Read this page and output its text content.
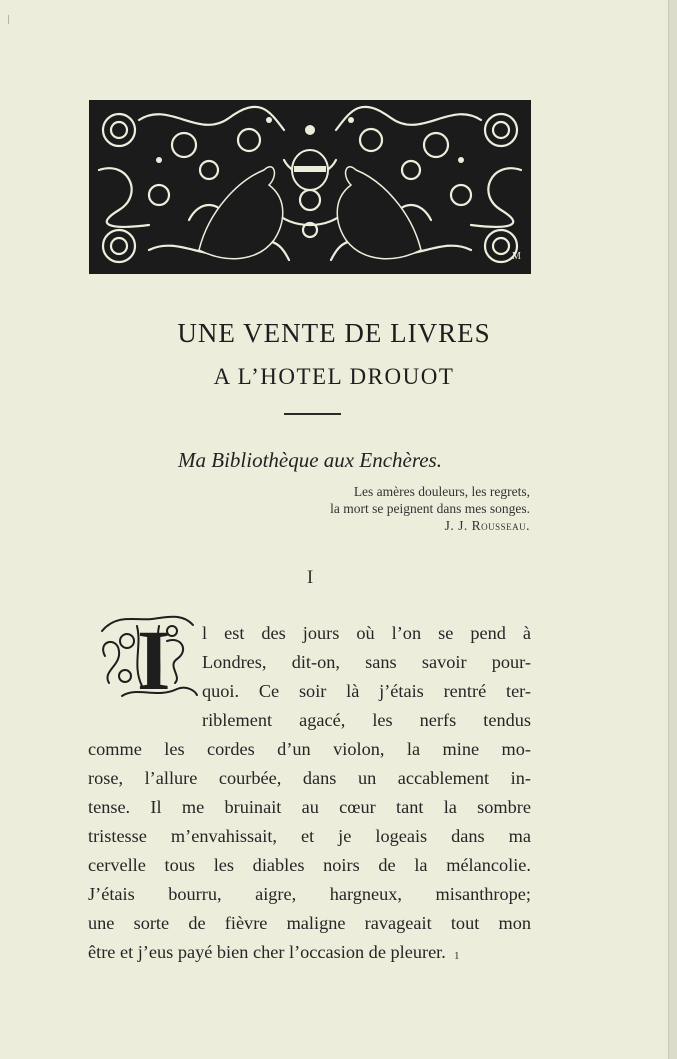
M
UNE VENTE DE LIVRES
A L’HOTEL DROUOT
Ma Bibliothèque aux Enchères.
Les amères douleurs, les regrets,
la mort se peignent dans mes songes.
J. J. Rousseau.
I
I	l est des jours où l’on se pend à
Londres, dit-on, sans savoir pour-
quoi. Ce soir là j’étais rentré ter-
riblement agacé, les nerfs tendus
comme les cordes d’un violon, la mine mo-
rose, l’allure courbée, dans un accablement in-
tense. Il me bruinait au cœur tant la sombre
tristesse m’envahissait, et je logeais dans ma
cervelle tous les diables noirs de la mélancolie.
J’étais bourru, aigre, hargneux, misanthrope;
une sorte de fièvre maligne ravageait tout mon
être et j’eus payé bien cher l’occasion de pleurer. 1
